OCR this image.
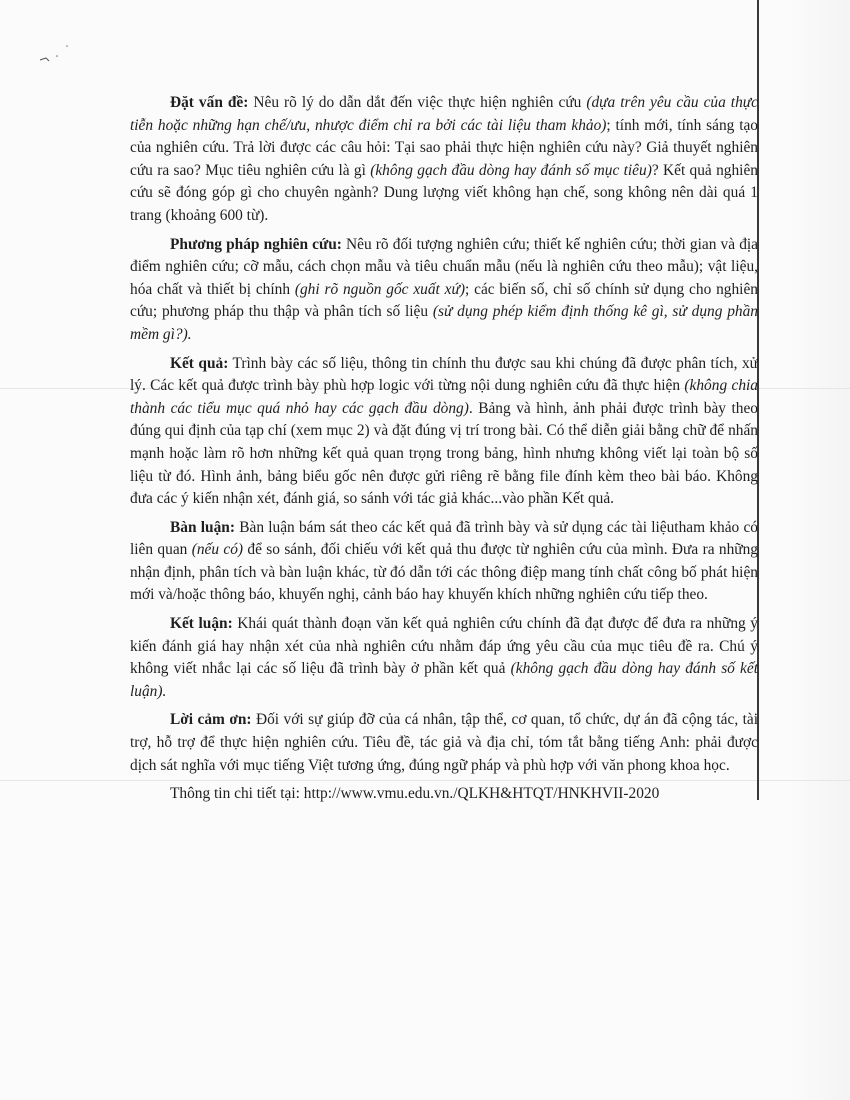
Đặt vấn đề: Nêu rõ lý do dẫn dắt đến việc thực hiện nghiên cứu (dựa trên yêu cầu của thực tiễn hoặc những hạn chế/ưu, nhược điểm chỉ ra bởi các tài liệu tham khảo); tính mới, tính sáng tạo của nghiên cứu. Trả lời được các câu hỏi: Tại sao phải thực hiện nghiên cứu này? Giả thuyết nghiên cứu ra sao? Mục tiêu nghiên cứu là gì (không gạch đầu dòng hay đánh số mục tiêu)? Kết quả nghiên cứu sẽ đóng góp gì cho chuyên ngành? Dung lượng viết không hạn chế, song không nên dài quá 1 trang (khoảng 600 từ).

Phương pháp nghiên cứu: Nêu rõ đối tượng nghiên cứu; thiết kế nghiên cứu; thời gian và địa điểm nghiên cứu; cỡ mẫu, cách chọn mẫu và tiêu chuẩn mẫu (nếu là nghiên cứu theo mẫu); vật liệu, hóa chất và thiết bị chính (ghi rõ nguồn gốc xuất xứ); các biến số, chỉ số chính sử dụng cho nghiên cứu; phương pháp thu thập và phân tích số liệu (sử dụng phép kiểm định thống kê gì, sử dụng phần mềm gì?).

Kết quả: Trình bày các số liệu, thông tin chính thu được sau khi chúng đã được phân tích, xử lý. Các kết quả được trình bày phù hợp logic với từng nội dung nghiên cứu đã thực hiện (không chia thành các tiểu mục quá nhỏ hay các gạch đầu dòng). Bảng và hình, ảnh phải được trình bày theo đúng qui định của tạp chí (xem mục 2) và đặt đúng vị trí trong bài. Có thể diễn giải bằng chữ để nhấn mạnh hoặc làm rõ hơn những kết quả quan trọng trong bảng, hình nhưng không viết lại toàn bộ số liệu từ đó. Hình ảnh, bảng biểu gốc nên được gửi riêng rẽ bằng file đính kèm theo bài báo. Không đưa các ý kiến nhận xét, đánh giá, so sánh với tác giả khác...vào phần Kết quả.

Bàn luận: Bàn luận bám sát theo các kết quả đã trình bày và sử dụng các tài liệutham khảo có liên quan (nếu có) để so sánh, đối chiếu với kết quả thu được từ nghiên cứu của mình. Đưa ra những nhận định, phân tích và bàn luận khác, từ đó dẫn tới các thông điệp mang tính chất công bố phát hiện mới và/hoặc thông báo, khuyến nghị, cảnh báo hay khuyến khích những nghiên cứu tiếp theo.

Kết luận: Khái quát thành đoạn văn kết quả nghiên cứu chính đã đạt được để đưa ra những ý kiến đánh giá hay nhận xét của nhà nghiên cứu nhằm đáp ứng yêu cầu của mục tiêu đề ra. Chú ý không viết nhắc lại các số liệu đã trình bày ở phần kết quả (không gạch đầu dòng hay đánh số kết luận).

Lời cảm ơn: Đối với sự giúp đỡ của cá nhân, tập thể, cơ quan, tổ chức, dự án đã cộng tác, tài trợ, hỗ trợ để thực hiện nghiên cứu. Tiêu đề, tác giả và địa chỉ, tóm tắt bằng tiếng Anh: phải được dịch sát nghĩa với mục tiếng Việt tương ứng, đúng ngữ pháp và phù hợp với văn phong khoa học.

Thông tin chi tiết tại: http://www.vmu.edu.vn./QLKH&HTQT/HNKHVII-2020
